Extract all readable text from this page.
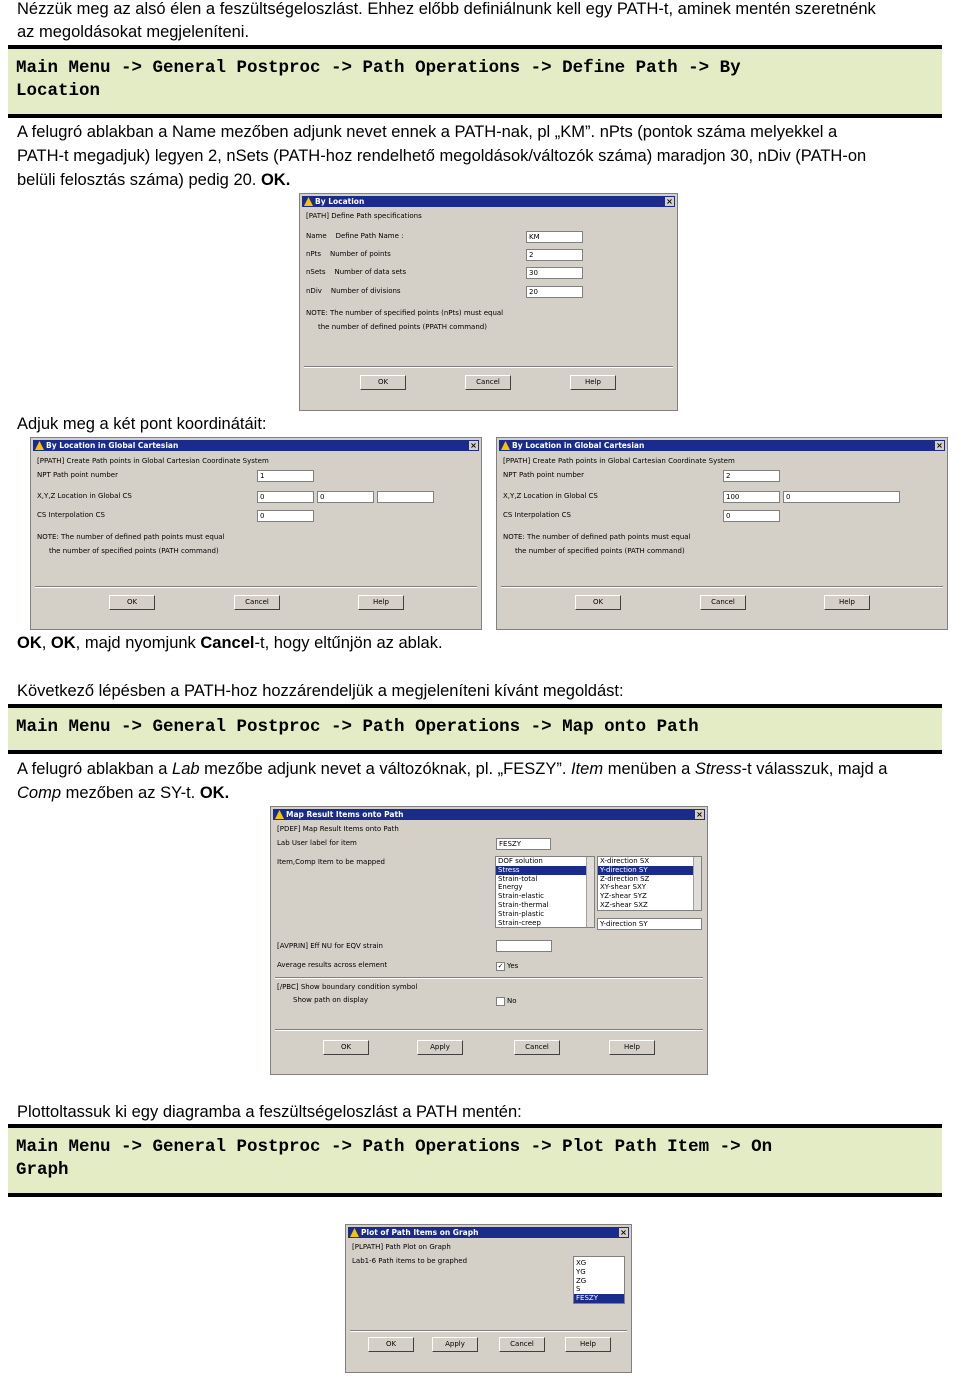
Nézzük meg az alsó élen a feszültségeloszlást. Ehhez előbb definiálnunk kell egy PATH-t, aminek mentén szeretnénk
az megoldásokat megjeleníteni.
Main Menu -> General Postproc -> Path Operations -> Define Path -> By
Location
A felugró ablakban a Name mezőben adjunk nevet ennek a PATH-nak, pl „KM”. nPts (pontok száma melyekkel a
PATH-t megadjuk) legyen 2, nSets (PATH-hoz rendelhető megoldások/változók száma) maradjon 30, nDiv (PATH-on
belüli felosztás száma) pedig 20. OK.
By Location	×
[PATH] Define Path specifications
Name Define Path Name :	KM
nPts Number of points	2
nSets Number of data sets	30
nDiv Number of divisions	20
NOTE: The number of specified points (nPts) must equal
the number of defined points (PPATH command)
OK	Cancel	Help
Adjuk meg a két pont koordinátáit:
By Location in Global Cartesian	×
[PPATH] Create Path points in Global Cartesian Coordinate System
NPT Path point number	1
X,Y,Z Location in Global CS	0	0
CS Interpolation CS	0
NOTE: The number of defined path points must equal
the number of specified points (PATH command)
OK	Cancel	Help
By Location in Global Cartesian	×
[PPATH] Create Path points in Global Cartesian Coordinate System
NPT Path point number	2
X,Y,Z Location in Global CS	100	0
CS Interpolation CS	0
NOTE: The number of defined path points must equal
the number of specified points (PATH command)
OK	Cancel	Help
OK, OK, majd nyomjunk Cancel-t, hogy eltűnjön az ablak.
Következő lépésben a PATH-hoz hozzárendeljük a megjeleníteni kívánt megoldást:
Main Menu -> General Postproc -> Path Operations -> Map onto Path
A felugró ablakban a Lab mezőbe adjunk nevet a változóknak, pl. „FESZY”. Item menüben a Stress-t válasszuk, majd a
Comp mezőben az SY-t. OK.
Map Result Items onto Path	×
[PDEF] Map Result Items onto Path
Lab User label for item	FESZY
Item,Comp Item to be mapped	DOF solution
Stress
Strain-total
Energy
Strain-elastic
Strain-thermal
Strain-plastic
Strain-creep
X-direction SX
Y-direction SY
Z-direction SZ
XY-shear SXY
YZ-shear SYZ
XZ-shear SXZ
Y-direction SY
[AVPRIN] Eff NU for EQV strain
Average results across element	✓ Yes
[/PBC] Show boundary condition symbol
Show path on display	No
OK	Apply	Cancel	Help
Plottoltassuk ki egy diagramba a feszültségeloszlást a PATH mentén:
Main Menu -> General Postproc -> Path Operations -> Plot Path Item -> On
Graph
Plot of Path Items on Graph	×
[PLPATH] Path Plot on Graph
Lab1-6 Path items to be graphed	XG
YG
ZG
S
FESZY
OK	Apply	Cancel	Help
